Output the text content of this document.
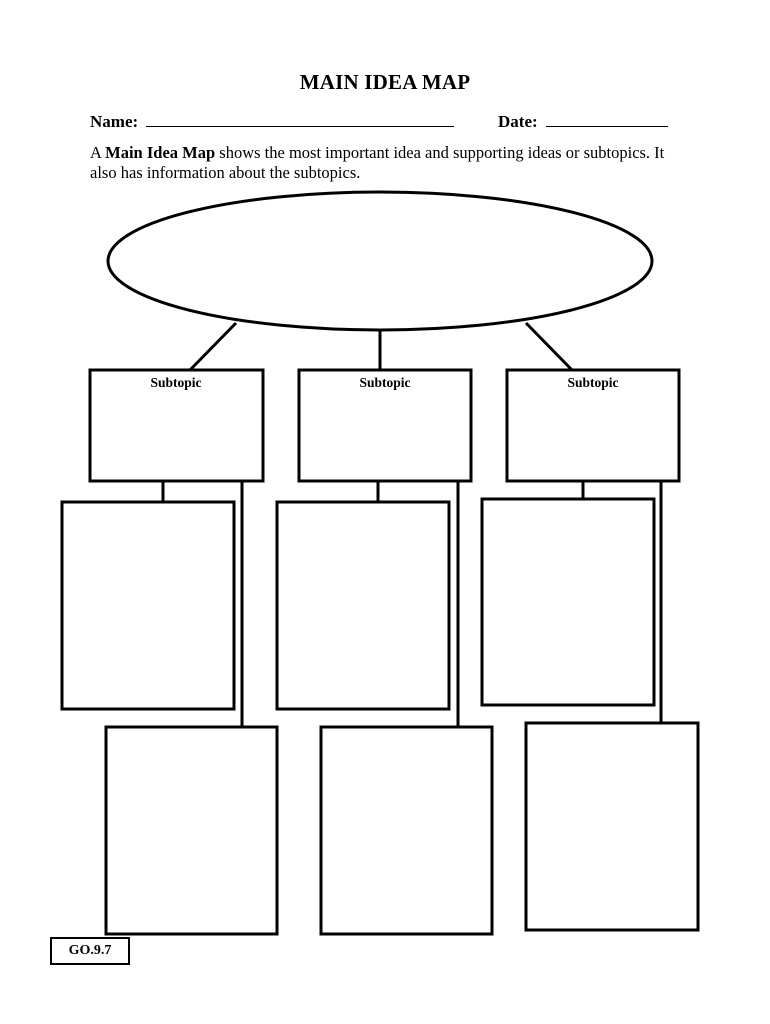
MAIN IDEA MAP
Name:	Date:
A Main Idea Map shows the most important idea and supporting ideas or subtopics. It also has information about the subtopics.
Subtopic	Subtopic	Subtopic
GO.9.7
